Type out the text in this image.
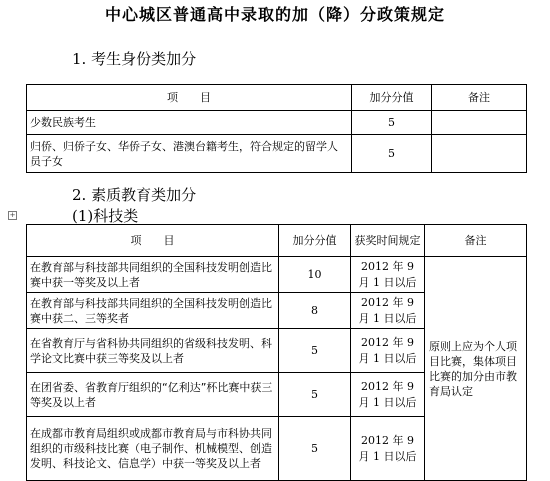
中心城区普通高中录取的加（降）分政策规定
1. 考生身份类加分
项　　目	加分分值	备注
少数民族考生	5	
归侨、归侨子女、华侨子女、港澳台籍考生，符合规定的留学人员子女	5	
2. 素质教育类加分
(1)科技类
+
项　　目	加分分值	获奖时间规定	备注
在教育部与科技部共同组织的全国科技发明创造比赛中获一等奖及以上者	10	2012 年 9 月 1 日以后	原则上应为个人项目比赛，集体项目比赛的加分由市教育局认定
在教育部与科技部共同组织的全国科技发明创造比赛中获二、三等奖者	8	2012 年 9 月 1 日以后	
在省教育厅与省科协共同组织的省级科技发明、科学论文比赛中获三等奖及以上者	5	2012 年 9 月 1 日以后	
在团省委、省教育厅组织的“亿利达”杯比赛中获三等奖及以上者	5	2012 年 9 月 1 日以后	
在成都市教育局组织或成都市教育局与市科协共同组织的市级科技比赛（电子制作、机械模型、创造发明、科技论文、信息学）中获一等奖及以上者	5	2012 年 9 月 1 日以后	
